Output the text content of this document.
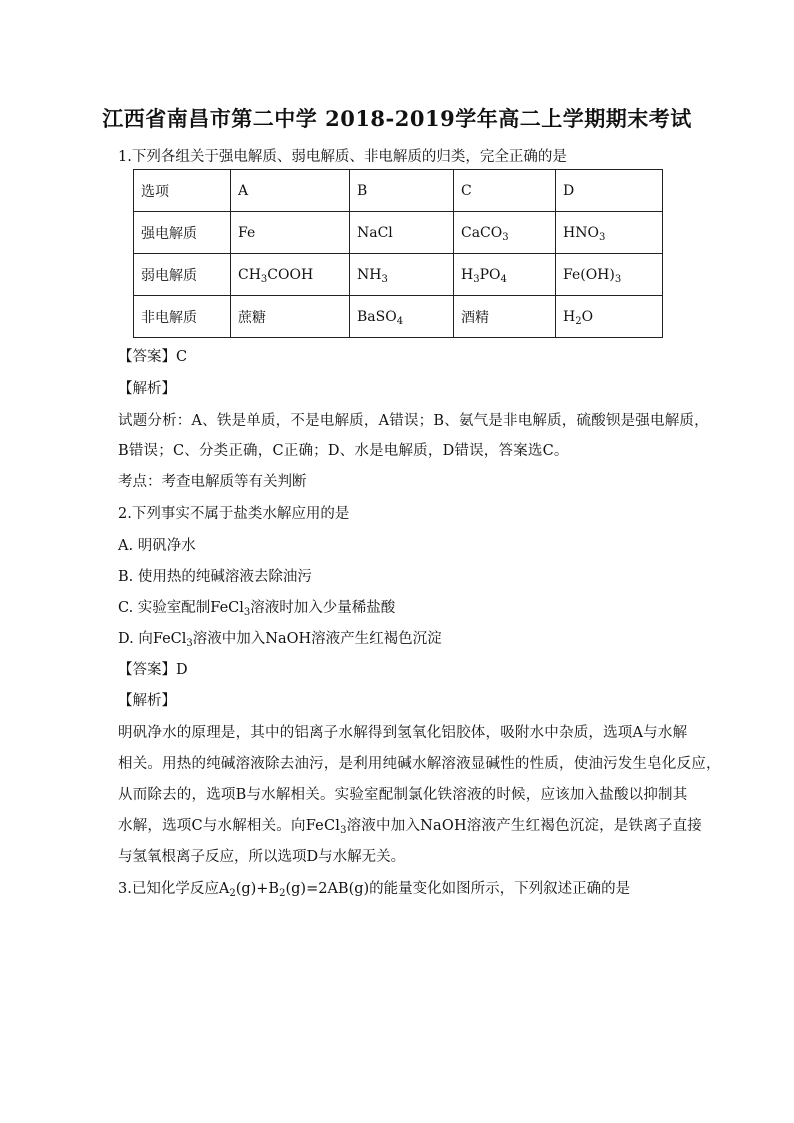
江西省南昌市第二中学 2018-2019学年高二上学期期末考试
1.下列各组关于强电解质、弱电解质、非电解质的归类，完全正确的是
选项	A	B	C	D
强电解质	Fe	NaCl	CaCO$_3$	$HNO_3$
弱电解质	$CH_3COOH$	$NH_3$	$H_3PO_4$	$Fe(OH)_3$
非电解质	蔗糖	BaSO$_4$	酒精	$H_2O$
【答案】C
【解析】
试题分析：A、铁是单质，不是电解质，A错误；B、氨气是非电解质，硫酸钡是强电解质，
B错误；C、分类正确，C正确；D、水是电解质，D错误，答案选C。
考点：考查电解质等有关判断
2.下列事实不属于盐类水解应用的是
A. 明矾净水
B. 使用热的纯碱溶液去除油污
C. 实验室配制FeCl$_3$溶液时加入少量稀盐酸
D. 向FeCl$_3$溶液中加入NaOH溶液产生红褐色沉淀
【答案】D
【解析】
明矾净水的原理是，其中的铝离子水解得到氢氧化铝胶体，吸附水中杂质，选项A与水解
相关。用热的纯碱溶液除去油污，是利用纯碱水解溶液显碱性的性质，使油污发生皂化反应，
从而除去的，选项B与水解相关。实验室配制氯化铁溶液的时候，应该加入盐酸以抑制其
水解，选项C与水解相关。向FeCl$_3$溶液中加入NaOH溶液产生红褐色沉淀，是铁离子直接
与氢氧根离子反应，所以选项D与水解无关。
3.已知化学反应$A_2(g)+B_2(g)=2AB(g)$的能量变化如图所示，下列叙述正确的是
